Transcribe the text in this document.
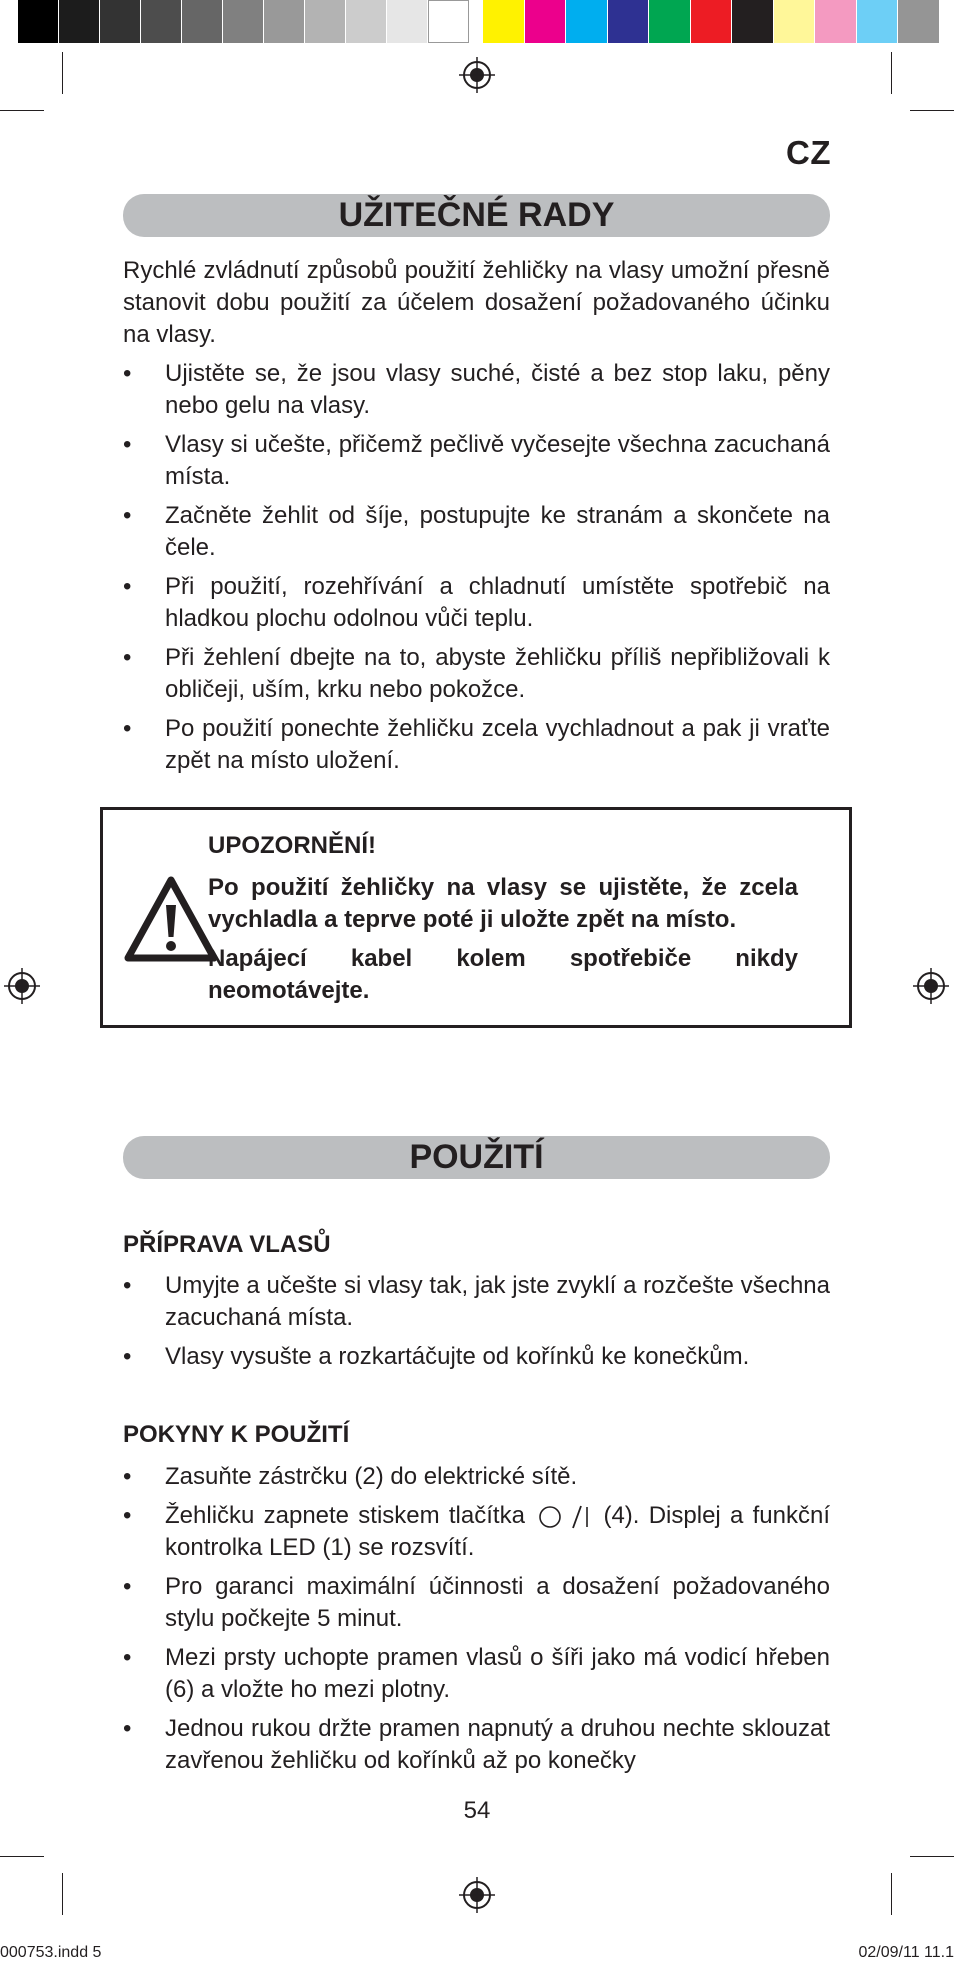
CZ
UŽITEČNÉ RADY

Rychlé zvládnutí způsobů použití žehličky na vlasy umožní přesně stanovit dobu použití za účelem dosažení požadovaného účinku na vlasy.

• Ujistěte se, že jsou vlasy suché, čisté a bez stop laku, pěny nebo gelu na vlasy.
• Vlasy si učešte, přičemž pečlivě vyčesejte všechna zacuchaná místa.
• Začněte žehlit od šíje, postupujte ke stranám a skončete na čele.
• Při použití, rozehřívání a chladnutí umístěte spotřebič na hladkou plochu odolnou vůči teplu.
• Při žehlení dbejte na to, abyste žehličku příliš nepřibližovali k obličeji, uším, krku nebo pokožce.
• Po použití ponechte žehličku zcela vychladnout a pak ji vraťte zpět na místo uložení.

UPOZORNĚNÍ!

Po použití žehličky na vlasy se ujistěte, že zcela vychladla a teprve poté ji uložte zpět na místo.

Napájecí kabel kolem spotřebiče nikdy neomotávejte.

POUŽITÍ
PŘÍPRAVA VLASŮ
• Umyjte a učešte si vlasy tak, jak jste zvyklí a rozčešte všechna zacuchaná místa.
• Vlasy vysušte a rozkartáčujte od kořínků ke konečkům.
POKYNY K POUŽITÍ
• Zasuňte zástrčku (2) do elektrické sítě.
• Žehličku zapnete stiskem tlačítka	(4). Displej a funkční kontrolka LED (1) se rozsvítí.
• Pro garanci maximální účinnosti a dosažení požadovaného stylu počkejte 5 minut.
• Mezi prsty uchopte pramen vlasů o šíři jako má vodicí hřeben (6) a vložte ho mezi plotny.
• Jednou rukou držte pramen napnutý a druhou nechte sklouzat zavřenou žehličku od kořínků až po konečky
54
000753.indd 5	02/09/11 11.1
